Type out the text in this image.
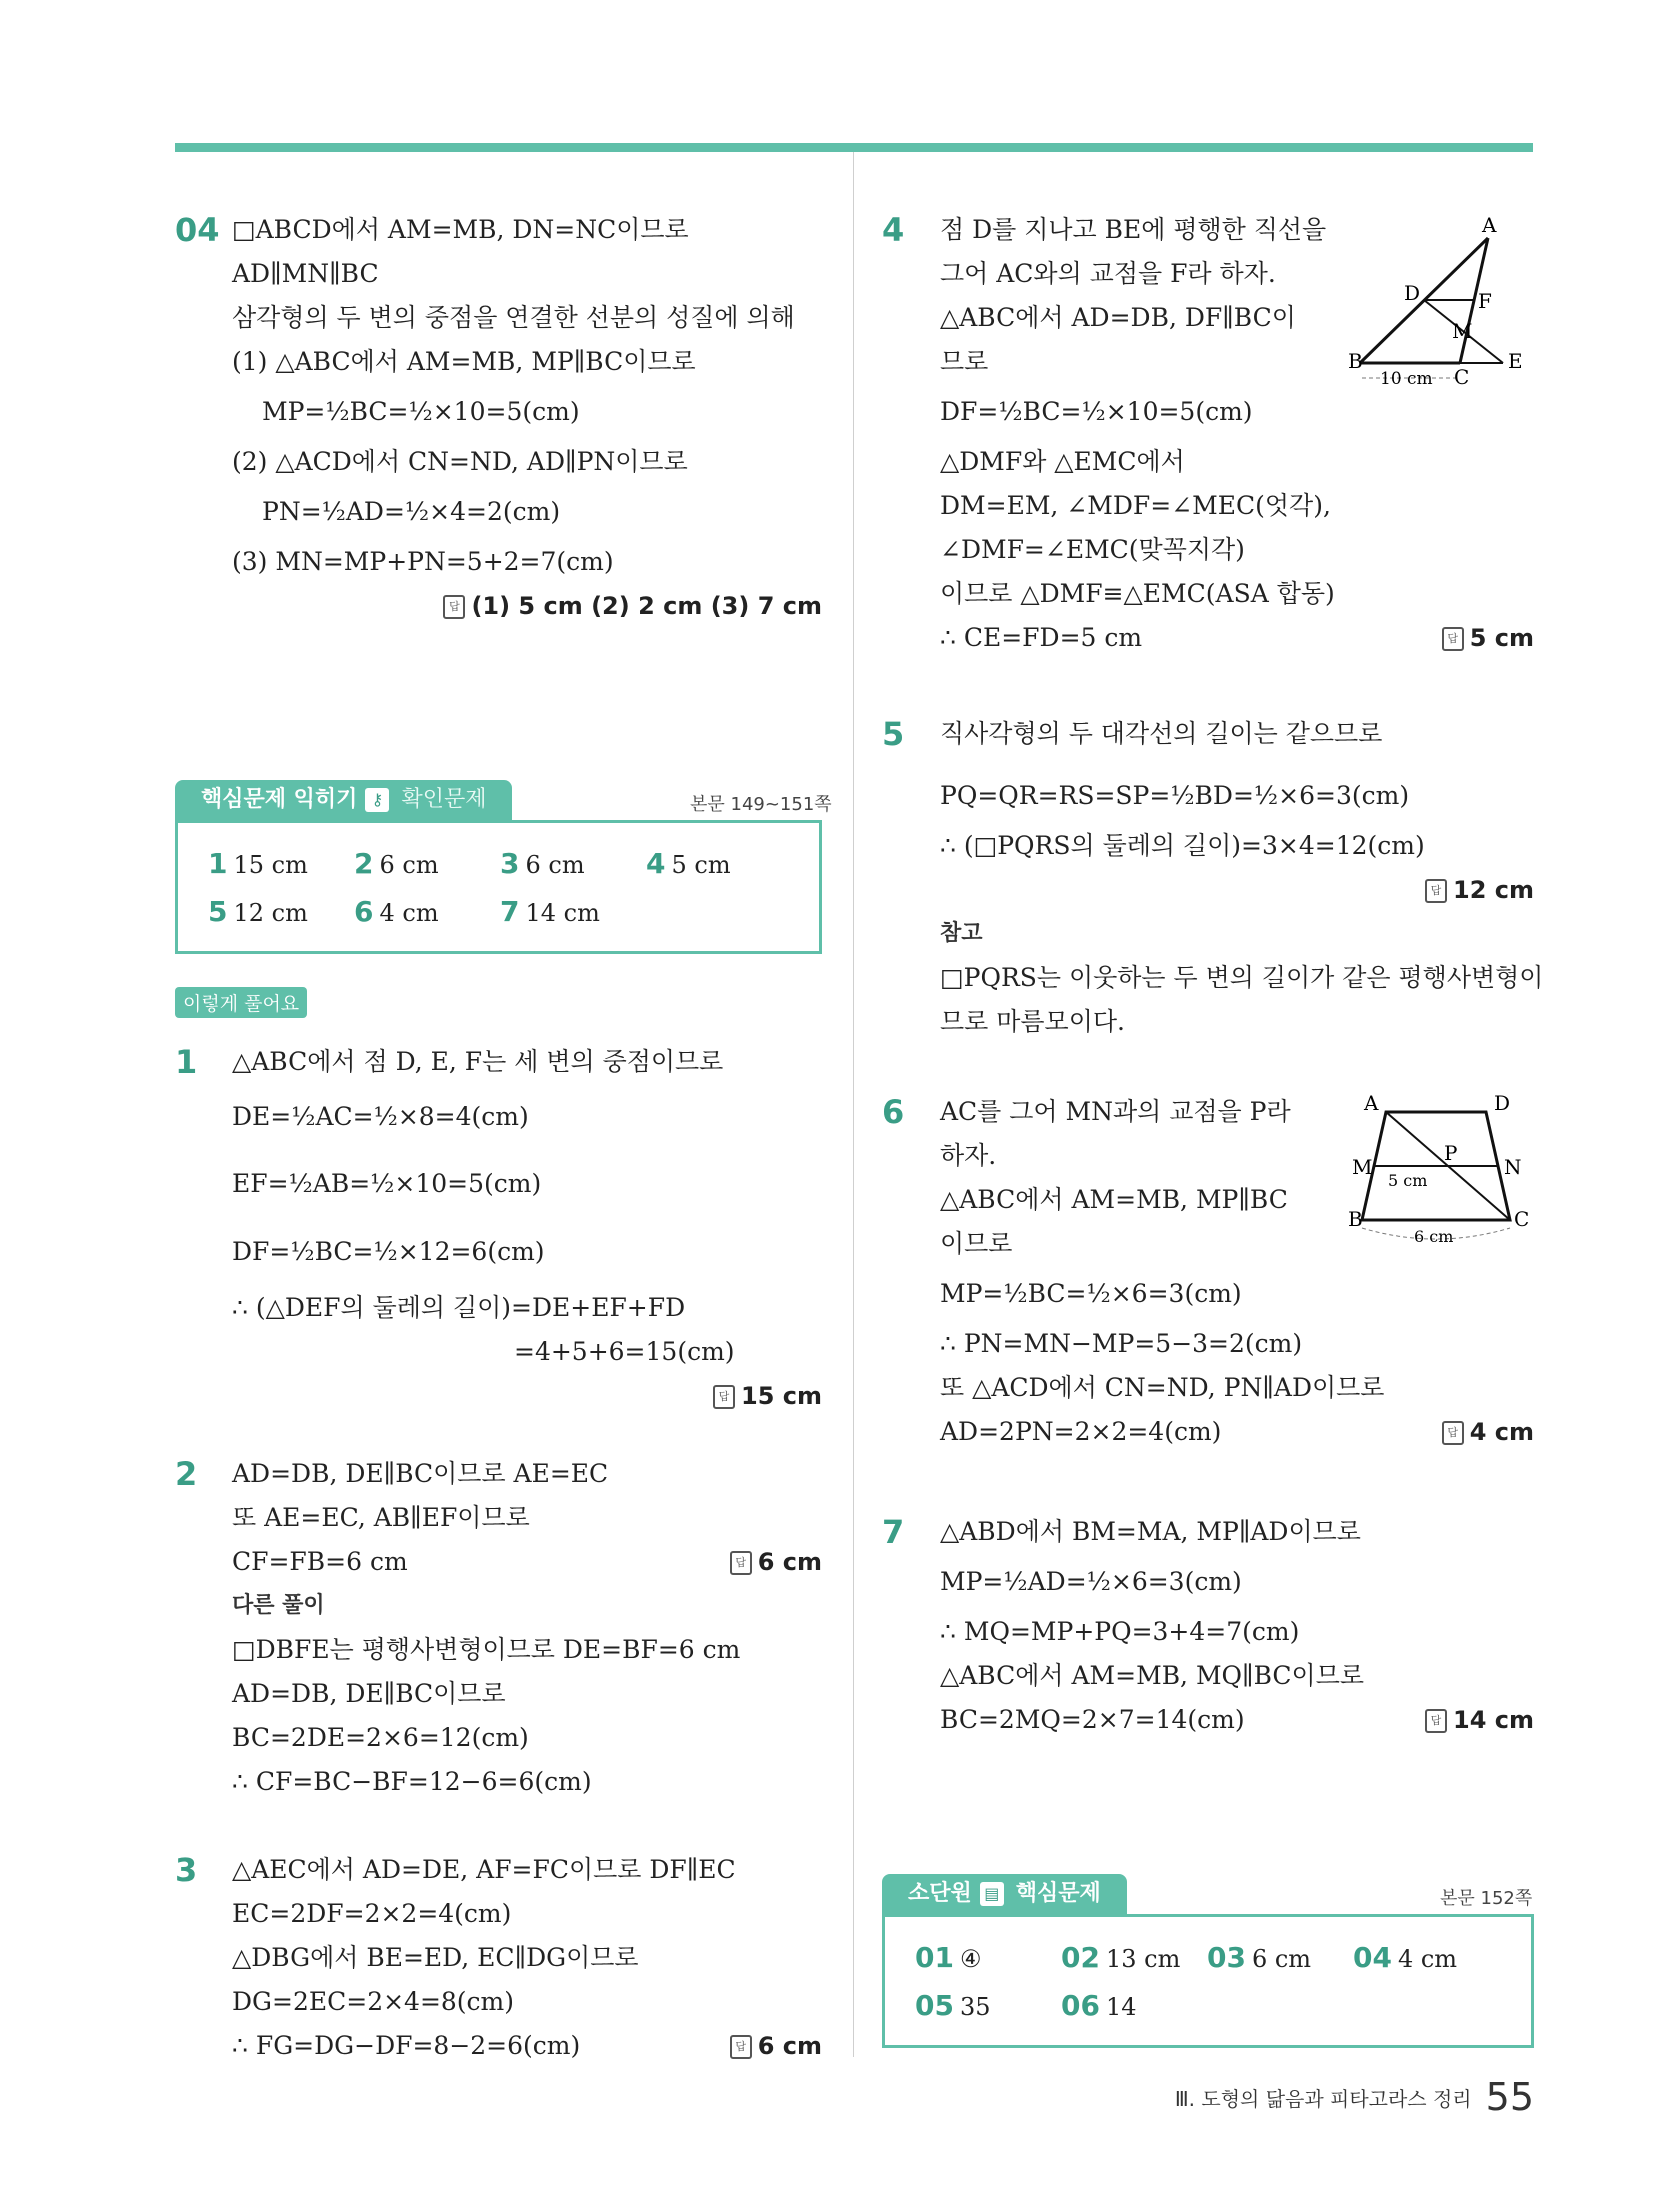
04 □ABCD에서 AM=MB, DN=NC이므로
AD∥MN∥BC
삼각형의 두 변의 중점을 연결한 선분의 성질에 의해
(1) △ABC에서 AM=MB, MP∥BC이므로
MP=½BC=½×10=5(cm)
(2) △ACD에서 CN=ND, AD∥PN이므로
PN=½AD=½×4=2(cm)
(3) MN=MP+PN=5+2=7(cm)
답 (1) 5 cm (2) 2 cm (3) 7 cm
핵심문제 익히기 ⚷ 확인문제	본문 149~151쪽
1 15 cm 2 6 cm 3 6 cm 4 5 cm
5 12 cm 6 4 cm 7 14 cm
이렇게 풀어요
1 △ABC에서 점 D, E, F는 세 변의 중점이므로
DE=½AC=½×8=4(cm)
EF=½AB=½×10=5(cm)
DF=½BC=½×12=6(cm)
∴ (△DEF의 둘레의 길이)=DE+EF+FD
=4+5+6=15(cm)
답 15 cm
2 AD=DB, DE∥BC이므로 AE=EC
또 AE=EC, AB∥EF이므로
CF=FB=6 cm	답 6 cm
다른 풀이
□DBFE는 평행사변형이므로 DE=BF=6 cm
AD=DB, DE∥BC이므로
BC=2DE=2×6=12(cm)
∴ CF=BC−BF=12−6=6(cm)
3 △AEC에서 AD=DE, AF=FC이므로 DF∥EC
EC=2DF=2×2=4(cm)
△DBG에서 BE=ED, EC∥DG이므로
DG=2EC=2×4=8(cm)
∴ FG=DG−DF=8−2=6(cm)	답 6 cm
4 점 D를 지나고 BE에 평행한 직선을
그어 AC와의 교점을 F라 하자.
△ABC에서 AD=DB, DF∥BC이
므로
DF=½BC=½×10=5(cm)
△DMF와 △EMC에서
DM=EM, ∠MDF=∠MEC(엇각),
∠DMF=∠EMC(맞꼭지각)
이므로 △DMF≡△EMC(ASA 합동)
∴ CE=FD=5 cm	답 5 cm
A
D	F
M
B
C
E
10 cm
5 직사각형의 두 대각선의 길이는 같으므로
PQ=QR=RS=SP=½BD=½×6=3(cm)
∴ (□PQRS의 둘레의 길이)=3×4=12(cm)
답 12 cm
참고
□PQRS는 이웃하는 두 변의 길이가 같은 평행사변형이
므로 마름모이다.
6 AC를 그어 MN과의 교점을 P라
하자.
△ABC에서 AM=MB, MP∥BC
이므로
MP=½BC=½×6=3(cm)
∴ PN=MN−MP=5−3=2(cm)
또 △ACD에서 CN=ND, PN∥AD이므로
AD=2PN=2×2=4(cm)	답 4 cm
A	D
M
P
N
B	C
5 cm
6 cm
7 △ABD에서 BM=MA, MP∥AD이므로
MP=½AD=½×6=3(cm)
∴ MQ=MP+PQ=3+4=7(cm)
△ABC에서 AM=MB, MQ∥BC이므로
BC=2MQ=2×7=14(cm)	답 14 cm
소단원 ▤ 핵심문제	본문 152쪽
01 ④	02 13 cm 03 6 cm 04 4 cm
05 35	06 14
Ⅲ. 도형의 닮음과 피타고라스 정리 55
